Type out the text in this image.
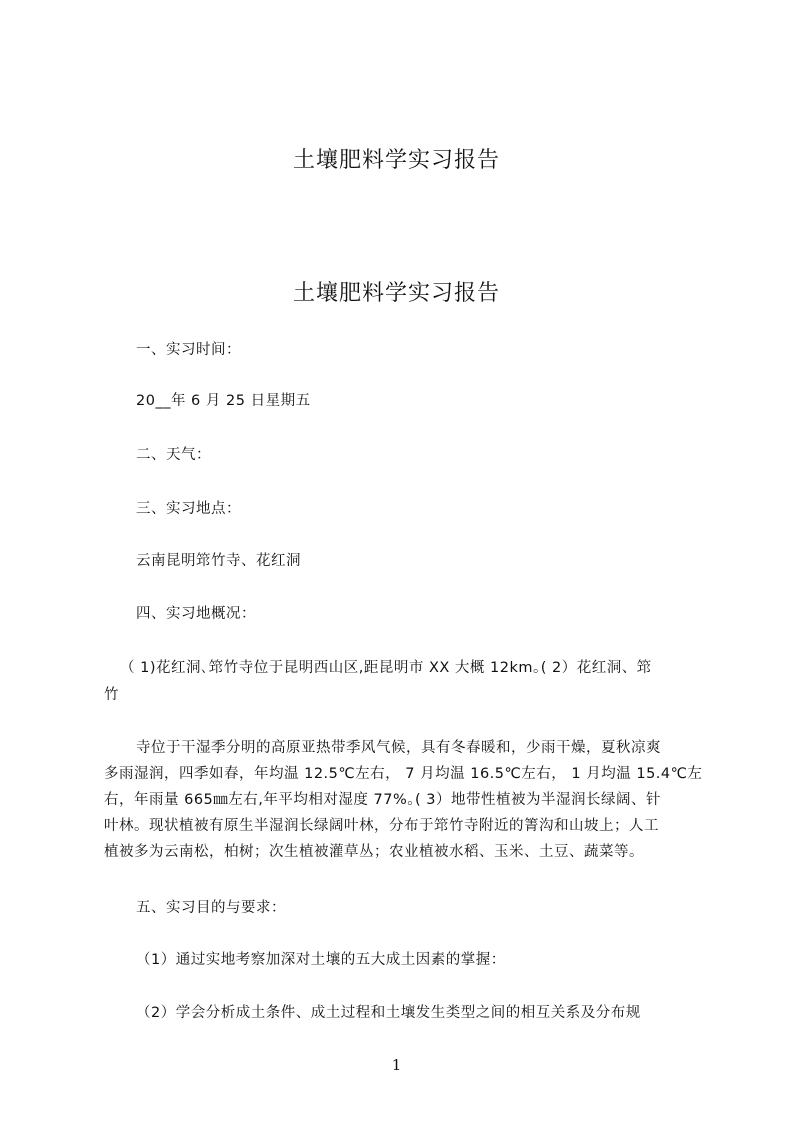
土壤肥料学实习报告
土壤肥料学实习报告
一、实习时间：
20__年 6 月 25 日星期五
二、天气：
三、实习地点：
云南昆明筇竹寺、花红洞
四、实习地概况：
（ 1)花红洞､筇竹寺位于昆明西山区,距昆明市 XX 大概 12km｡( 2）花红洞、筇
竹
寺位于干湿季分明的高原亚热带季风气候，具有冬春暖和，少雨干燥，夏秋凉爽
多雨湿润，四季如春，年均温 12.5℃左右， 7 月均温 16.5℃左右， 1 月均温 15.4℃左
右，年雨量 665㎜左右,年平均相对湿度 77%｡( 3）地带性植被为半湿润长绿阔、针
叶林。现状植被有原生半湿润长绿阔叶林，分布于筇竹寺附近的箐沟和山坡上；人工
植被多为云南松，柏树；次生植被灌草丛；农业植被水稻、玉米、土豆、蔬菜等。
五、实习目的与要求：
（1）通过实地考察加深对土壤的五大成土因素的掌握：
（2）学会分析成土条件、成土过程和土壤发生类型之间的相互关系及分布规
1
